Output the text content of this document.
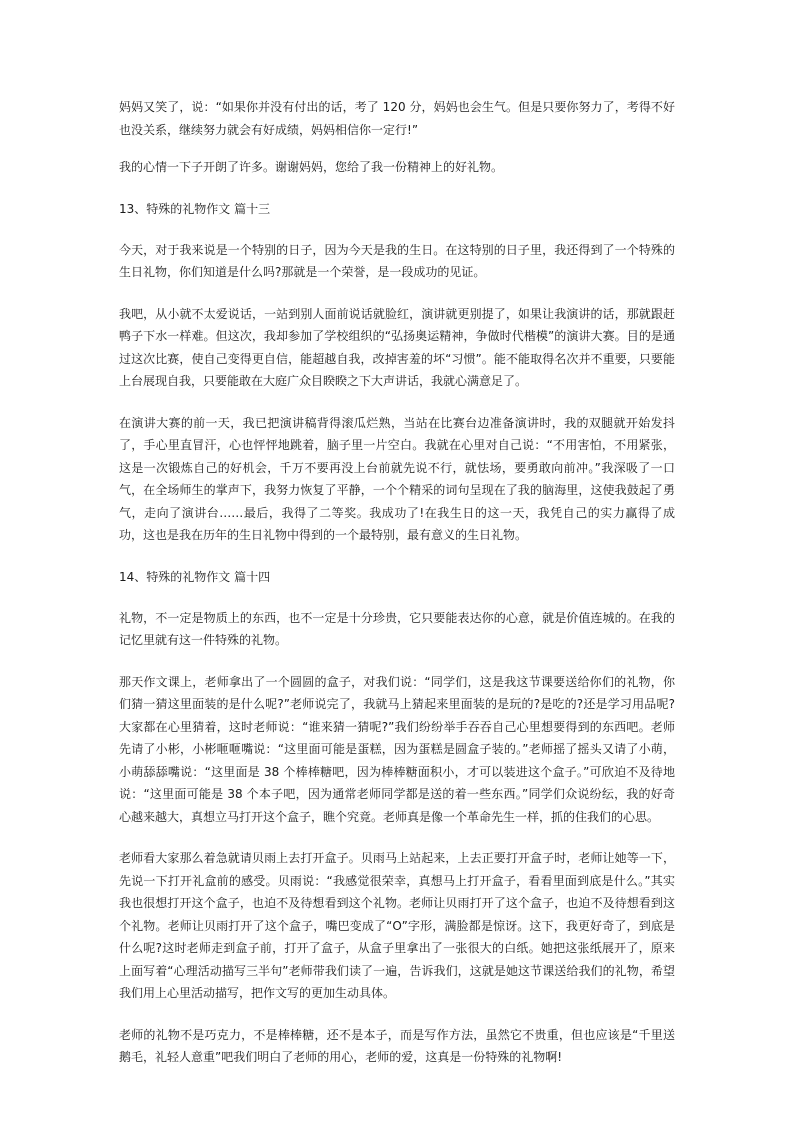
妈妈又笑了，说：“如果你并没有付出的话，考了 120 分，妈妈也会生气。但是只要你努力了，考得不好也没关系，继续努力就会有好成绩，妈妈相信你一定行!”

我的心情一下子开朗了许多。谢谢妈妈，您给了我一份精神上的好礼物。

13、特殊的礼物作文 篇十三

今天，对于我来说是一个特别的日子，因为今天是我的生日。在这特别的日子里，我还得到了一个特殊的生日礼物，你们知道是什么吗?那就是一个荣誉，是一段成功的见证。

我吧，从小就不太爱说话，一站到别人面前说话就脸红，演讲就更别提了，如果让我演讲的话，那就跟赶鸭子下水一样难。但这次，我却参加了学校组织的“弘扬奥运精神，争做时代楷模”的演讲大赛。目的是通过这次比赛，使自己变得更自信，能超越自我，改掉害羞的坏“习惯”。能不能取得名次并不重要，只要能上台展现自我，只要能敢在大庭广众目睽睽之下大声讲话，我就心满意足了。

在演讲大赛的前一天，我已把演讲稿背得滚瓜烂熟，当站在比赛台边准备演讲时，我的双腿就开始发抖了，手心里直冒汗，心也怦怦地跳着，脑子里一片空白。我就在心里对自己说：“不用害怕，不用紧张，这是一次锻炼自己的好机会，千万不要再没上台前就先说不行，就怯场，要勇敢向前冲。”我深吸了一口气，在全场师生的掌声下，我努力恢复了平静，一个个精采的词句呈现在了我的脑海里，这使我鼓起了勇气，走向了演讲台……最后，我得了二等奖。我成功了!在我生日的这一天，我凭自己的实力赢得了成功，这也是我在历年的生日礼物中得到的一个最特别，最有意义的生日礼物。

14、特殊的礼物作文 篇十四

礼物，不一定是物质上的东西，也不一定是十分珍贵，它只要能表达你的心意，就是价值连城的。在我的记忆里就有这一件特殊的礼物。

那天作文课上，老师拿出了一个圆圆的盒子，对我们说：“同学们，这是我这节课要送给你们的礼物，你们猜一猜这里面装的是什么呢?”老师说完了，我就马上猜起来里面装的是玩的?是吃的?还是学习用品呢?大家都在心里猜着，这时老师说：“谁来猜一猜呢?”我们纷纷举手吞吞自己心里想要得到的东西吧。老师先请了小彬，小彬咂咂嘴说：“这里面可能是蛋糕，因为蛋糕是圆盒子装的。”老师摇了摇头又请了小萌，小萌舔舔嘴说：“这里面是 38 个棒棒糖吧，因为棒棒糖面积小，才可以装进这个盒子。”可欣迫不及待地说：“这里面可能是 38 个本子吧，因为通常老师同学都是送的着一些东西。”同学们众说纷纭，我的好奇心越来越大，真想立马打开这个盒子，瞧个究竟。老师真是像一个革命先生一样，抓的住我们的心思。

老师看大家那么着急就请贝雨上去打开盒子。贝雨马上站起来，上去正要打开盒子时，老师让她等一下，先说一下打开礼盒前的感受。贝雨说：“我感觉很荣幸，真想马上打开盒子，看看里面到底是什么。”其实我也很想打开这个盒子，也迫不及待想看到这个礼物。老师让贝雨打开了这个盒子，也迫不及待想看到这个礼物。老师让贝雨打开了这个盒子，嘴巴变成了“O”字形，满脸都是惊讶。这下，我更好奇了，到底是什么呢?这时老师走到盒子前，打开了盒子，从盒子里拿出了一张很大的白纸。她把这张纸展开了，原来上面写着“心理活动描写三半句”老师带我们读了一遍，告诉我们，这就是她这节课送给我们的礼物，希望我们用上心里活动描写，把作文写的更加生动具体。

老师的礼物不是巧克力，不是棒棒糖，还不是本子，而是写作方法，虽然它不贵重，但也应该是“千里送鹅毛，礼轻人意重”吧我们明白了老师的用心，老师的爱，这真是一份特殊的礼物啊!
